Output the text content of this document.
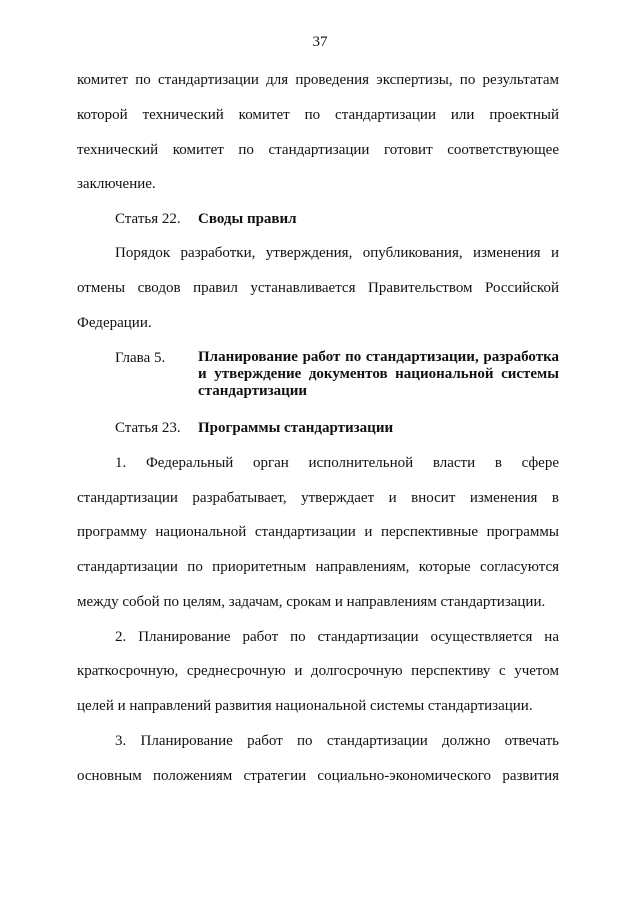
37
комитет по стандартизации для проведения экспертизы, по результатам
которой технический комитет по стандартизации или проектный
технический комитет по стандартизации готовит соответствующее
заключение.
Статья 22. Своды правил
Порядок разработки, утверждения, опубликования, изменения и
отмены сводов правил устанавливается Правительством Российской
Федерации.
Глава 5. Планирование работ по стандартизации, разработка
и утверждение документов национальной системы
стандартизации
Статья 23. Программы стандартизации
1. Федеральный орган исполнительной власти в сфере
стандартизации разрабатывает, утверждает и вносит изменения в
программу национальной стандартизации и перспективные программы
стандартизации по приоритетным направлениям, которые согласуются
между собой по целям, задачам, срокам и направлениям стандартизации.
2. Планирование работ по стандартизации осуществляется на
краткосрочную, среднесрочную и долгосрочную перспективу с учетом
целей и направлений развития национальной системы стандартизации.
3. Планирование работ по стандартизации должно отвечать
основным положениям стратегии социально-экономического развития
